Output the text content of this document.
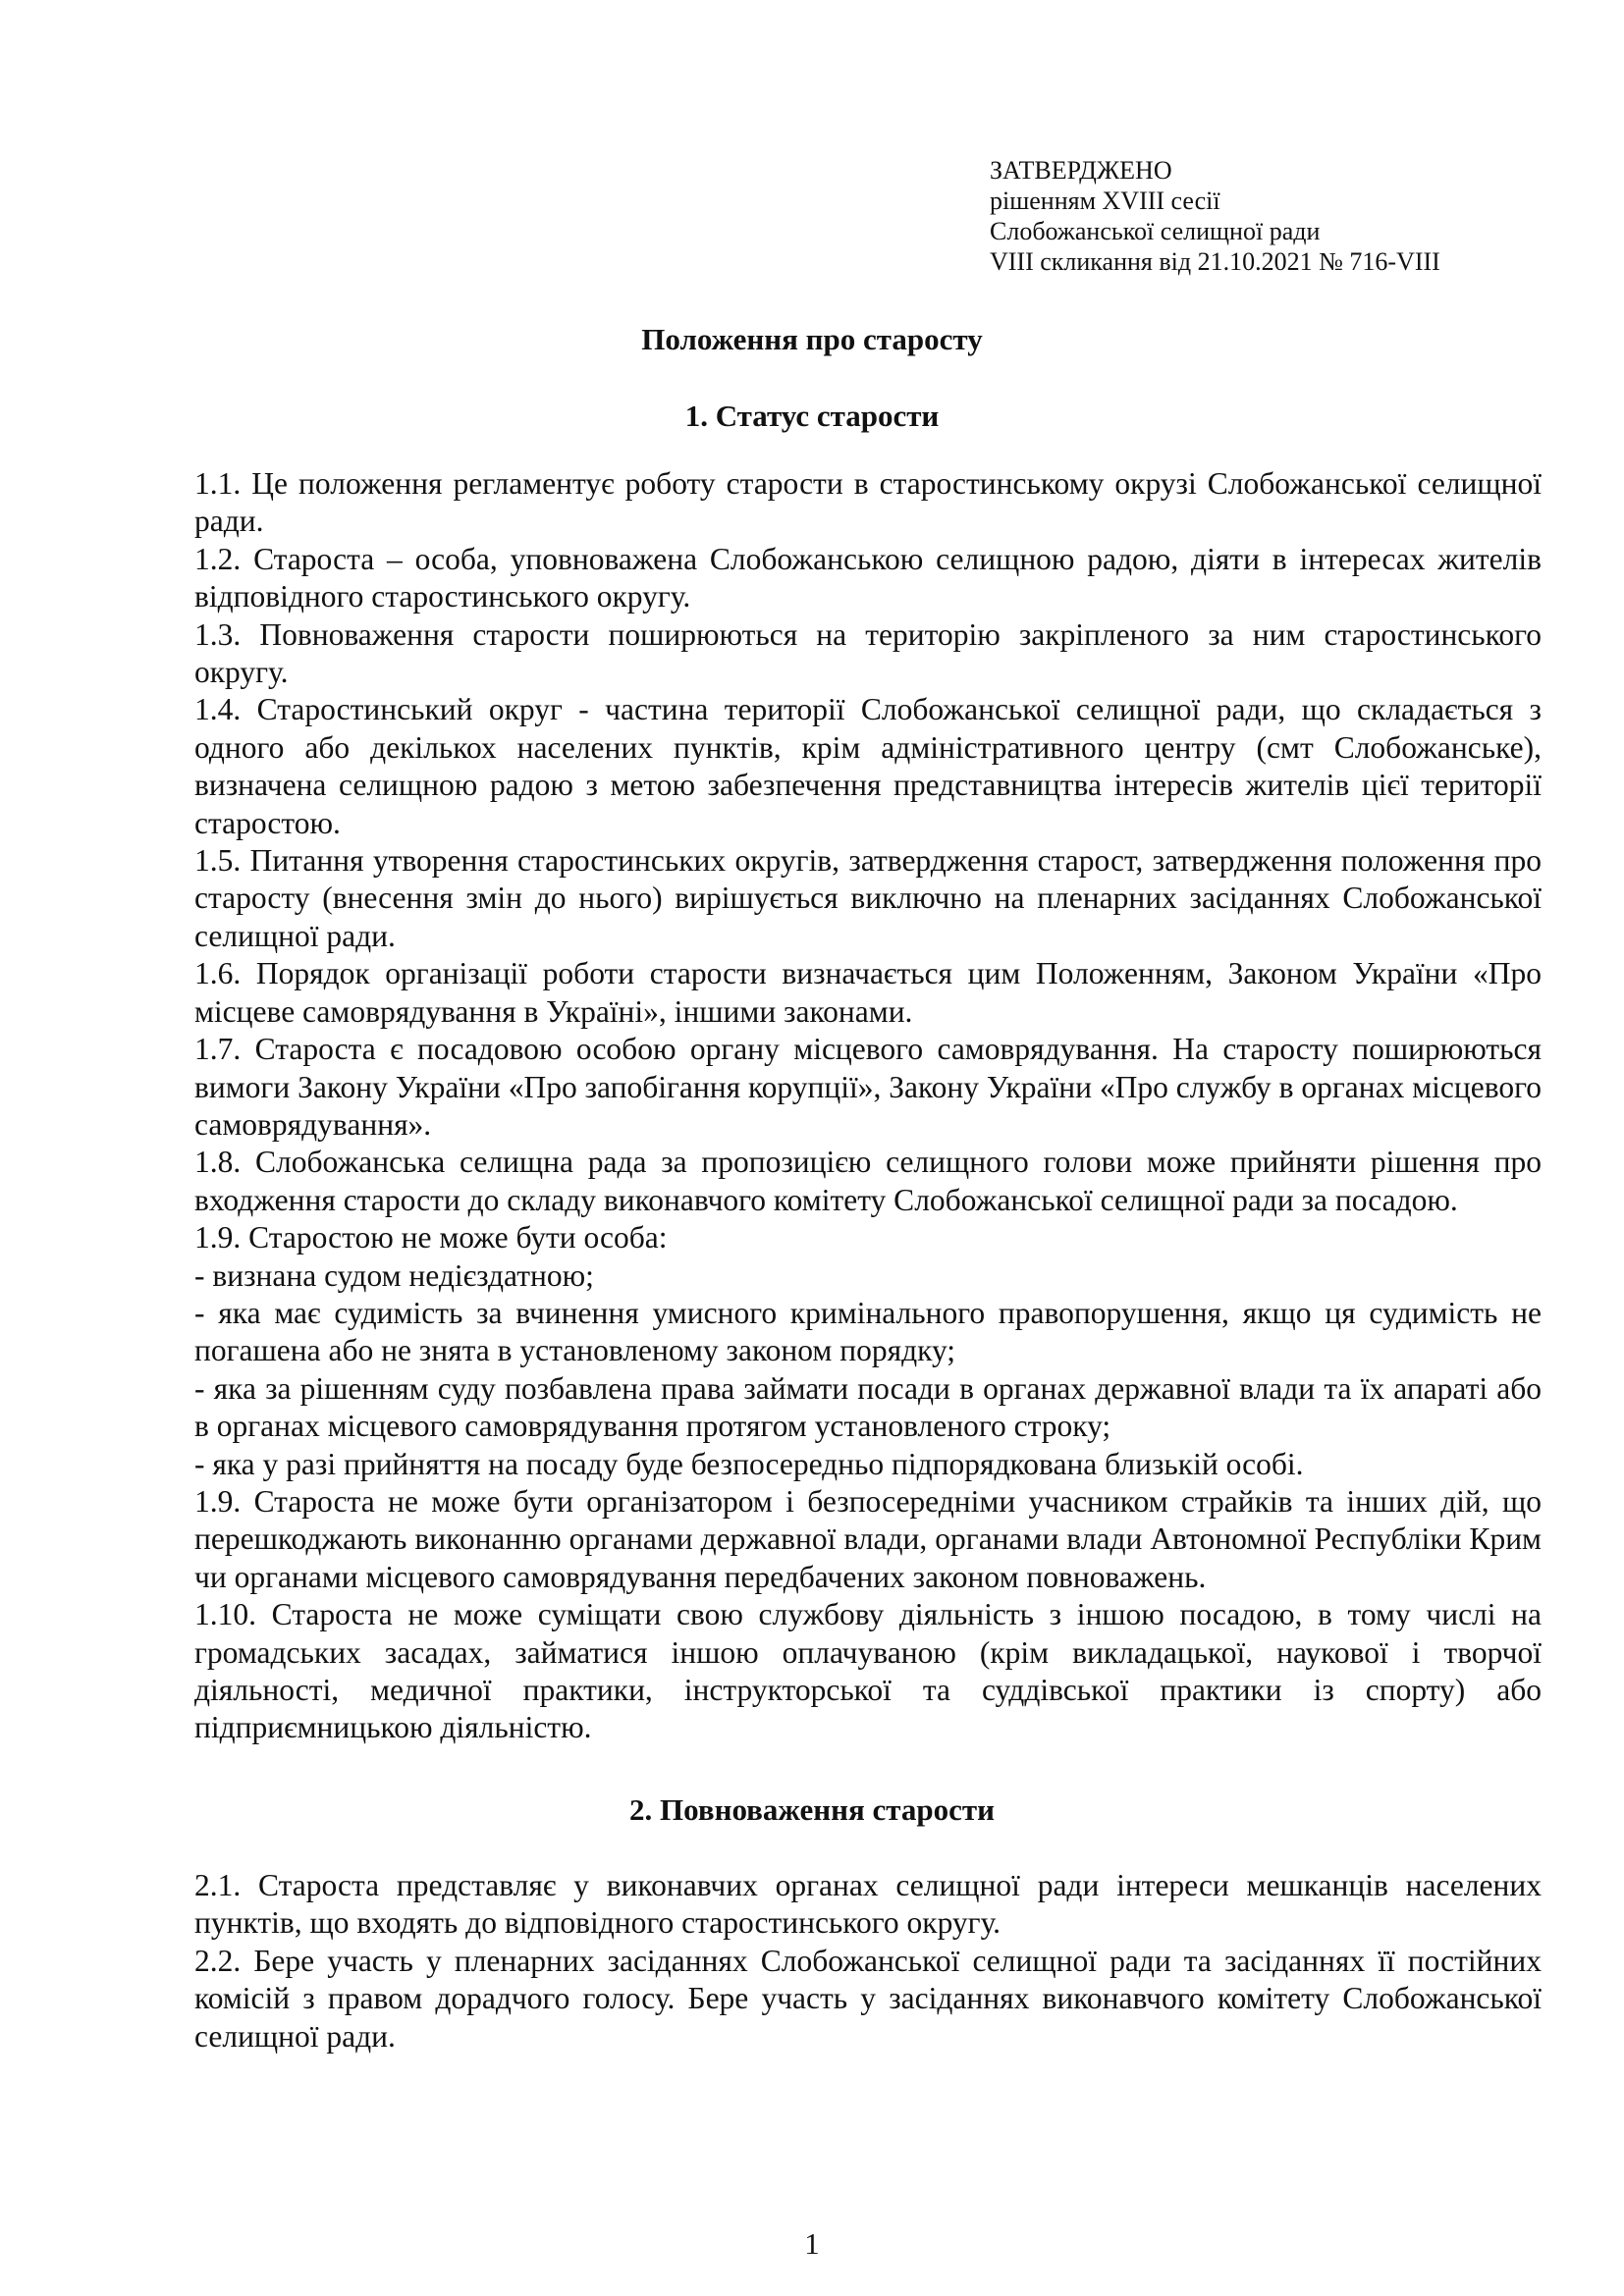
ЗАТВЕРДЖЕНО
рішенням XVIII сесії
Слобожанської селищної ради
VIII скликання від 21.10.2021 № 716-VIII
Положення про старосту
1. Статус старости

1.1. Це положення регламентує роботу старости в старостинському окрузі Слобожанської селищної ради.

1.2. Староста – особа, уповноважена Слобожанською селищною радою, діяти в інтересах жителів відповідного старостинського округу.

1.3. Повноваження старости поширюються на територію закріпленого за ним старостинського округу.

1.4. Старостинський округ - частина території Слобожанської селищної ради, що складається з одного або декількох населених пунктів, крім адміністративного центру (смт Слобожанське), визначена селищною радою з метою забезпечення представництва інтересів жителів цієї території старостою.

1.5. Питання утворення старостинських округів, затвердження старост, затвердження положення про старосту (внесення змін до нього) вирішується виключно на пленарних засіданнях Слобожанської селищної ради.

1.6. Порядок організації роботи старости визначається цим Положенням, Законом України «Про місцеве самоврядування в Україні», іншими законами.

1.7. Староста є посадовою особою органу місцевого самоврядування. На старосту поширюються вимоги Закону України «Про запобігання корупції», Закону України «Про службу в органах місцевого самоврядування».

1.8. Слобожанська селищна рада за пропозицією селищного голови може прийняти рішення про входження старости до складу виконавчого комітету Слобожанської селищної ради за посадою.

1.9. Старостою не може бути особа:

- визнана судом недієздатною;

- яка має судимість за вчинення умисного кримінального правопорушення, якщо ця судимість не погашена або не знята в установленому законом порядку;

- яка за рішенням суду позбавлена права займати посади в органах державної влади та їх апараті або в органах місцевого самоврядування протягом установленого строку;

- яка у разі прийняття на посаду буде безпосередньо підпорядкована близькій особі.

1.9. Староста не може бути організатором і безпосередніми учасником страйків та інших дій, що перешкоджають виконанню органами державної влади, органами влади Автономної Республіки Крим чи органами місцевого самоврядування передбачених законом повноважень.

1.10. Староста не може суміщати свою службову діяльність з іншою посадою, в тому числі на громадських засадах, займатися іншою оплачуваною (крім викладацької, наукової і творчої діяльності, медичної практики, інструкторської та суддівської практики із спорту) або підприємницькою діяльністю.

2. Повноваження старости

2.1. Староста представляє у виконавчих органах селищної ради інтереси мешканців населених пунктів, що входять до відповідного старостинського округу.

2.2. Бере участь у пленарних засіданнях Слобожанської селищної ради та засіданнях її постійних комісій з правом дорадчого голосу. Бере участь у засіданнях виконавчого комітету Слобожанської селищної ради.

1
